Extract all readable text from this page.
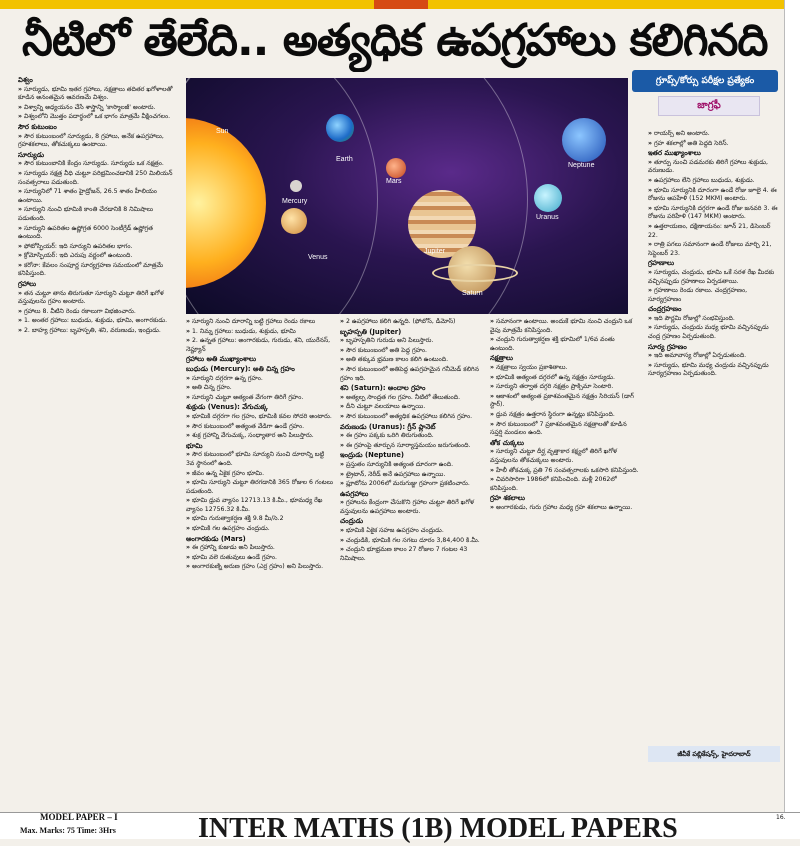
నీటిలో తేలేది.. అత్యధిక ఉపగ్రహాలు కలిగినది

విశ్వం

» సూర్యుడు, భూమి ఇతర గ్రహాలు, నక్షత్రాలు తదితర ఖగోళాలతో కూడిన అనంతమైన ఆవరణమే విశ్వం.

» విశ్వాన్ని అధ్యయనం చేసే శాస్త్రాన్ని 'కాస్మాలజీ' అంటారు.

» విశ్వంలోని మొత్తం పదార్థంలో ఒక భాగం మాత్రమే వీక్షించగలం.

సౌర కుటుంబం

» సౌర కుటుంబంలో సూర్యుడు, 8 గ్రహాలు, అనేక ఉపగ్రహాలు, గ్రహశకలాలు, తోకచుక్కలు ఉంటాయి.

సూర్యుడు

» సౌర కుటుంబానికి కేంద్రం సూర్యుడు. సూర్యుడు ఒక నక్షత్రం.

» సూర్యుడు నక్షత్ర వీధి చుట్టూ పరిభ్రమించడానికి 250 మిలియన్ సంవత్సరాలు పడుతుంది.

» సూర్యునిలో 71 శాతం హైడ్రోజన్, 26.5 శాతం హీలియం ఉంటాయి.

» సూర్యుని నుంచి భూమికి కాంతి చేరడానికి 8 నిమిషాలు పడుతుంది.

» సూర్యుని ఉపరితల ఉష్ణోగ్రత 6000 సెంటీగ్రేడ్ ఉష్ణోగ్రత ఉంటుంది.

» ఫోటోస్ఫియర్: ఇది సూర్యుని ఉపరితల భాగం.

» క్రోమోస్ఫియర్: ఇది ఎరుపు వర్ణంలో ఉంటుంది.

» కరోనా: కేవలం సంపూర్ణ సూర్యగ్రహణ సమయంలో మాత్రమే కనిపిస్తుంది.

గ్రహాలు

» తన చుట్టూ తాను తిరుగుతూ సూర్యుని చుట్టూ తిరిగే ఖగోళ వస్తువులను గ్రహం అంటారు.

» గ్రహాలు 8. వీటిని రెండు రకాలుగా విభజించారు.

» 1. అంతర గ్రహాలు: బుధుడు, శుక్రుడు, భూమి, అంగారకుడు.

» 2. బాహ్య గ్రహాలు: బృహస్పతి, శని, వరుణుడు, ఇంద్రుడు.

Sun
Mercury
Venus
Earth
Mars
Jupiter
Saturn
Uranus
Neptune
గ్రూప్స్/కోర్సు పరీక్షల ప్రత్యేకం
జాగ్రఫీ

» సూర్యుని నుంచి దూరాన్ని బట్టి గ్రహాలు రెండు రకాలు

» 1. నిమ్న గ్రహాలు: బుధుడు, శుక్రుడు, భూమి

» 2. ఉన్నత గ్రహాలు: అంగారకుడు, గురుడు, శని, యురేనస్, నెప్ట్యూన్

గ్రహాలు అతి ముఖ్యాంశాలు

బుధుడు (Mercury): అతి చిన్న గ్రహం

» సూర్యుని దగ్గరగా ఉన్న గ్రహం.

» అతి చిన్న గ్రహం.

» సూర్యుని చుట్టూ అత్యంత వేగంగా తిరిగే గ్రహం.

శుక్రుడు (Venus): వేగుచుక్క

» భూమికి దగ్గరగా గల గ్రహం, భూమికి కవల సోదరి అంటారు.

» సౌర కుటుంబంలో అత్యంత వేడిగా ఉండే గ్రహం.

» శుక్ర గ్రహాన్ని వేగుచుక్క, సంధ్యాతార అని పిలుస్తారు.

భూమి

» సౌర కుటుంబంలో భూమి సూర్యుని నుంచి దూరాన్ని బట్టి 3వ స్థానంలో ఉంది.

» జీవం ఉన్న ఏకైక గ్రహం భూమి.

» భూమి సూర్యుని చుట్టూ తిరగడానికి 365 రోజుల 6 గంటలు పడుతుంది.

» భూమి ధ్రువ వ్యాసం 12713.13 కి.మీ., భూమధ్య రేఖ వ్యాసం 12756.32 కి.మీ.

» భూమి గురుత్వాకర్షణ శక్తి 9.8 మీ/సె.2

» భూమికి గల ఉపగ్రహం చంద్రుడు.

అంగారకుడు (Mars)

» ఈ గ్రహాన్ని కుజుడు అని పిలుస్తారు.

» భూమి వలె రుతువులు ఉండే గ్రహం.

» అంగారకుణ్ని అరుణ గ్రహం (ఎర్ర గ్రహం) అని పిలుస్తారు.

» 2 ఉపగ్రహాలు కలిగి ఉన్నది. (ఫోబోస్, డీమోస్)

బృహస్పతి (Jupiter)

» బృహస్పతిని గురుడు అని పిలుస్తారు.

» సౌర కుటుంబంలో అతి పెద్ద గ్రహం.

» అతి తక్కువ భ్రమణ కాలం కలిగి ఉంటుంది.

» సౌర కుటుంబంలో అతిపెద్ద ఉపగ్రహమైన గనీమెడ్ కలిగిన గ్రహం ఇది.

శని (Saturn): అందాల గ్రహం

» అత్యల్ప సాంద్రత గల గ్రహం. నీటిలో తేలుతుంది.

» దీని చుట్టూ వలయాలు ఉన్నాయి.

» సౌర కుటుంబంలో అత్యధిక ఉపగ్రహాలు కలిగిన గ్రహం.

వరుణుడు (Uranus): గ్రీన్ ప్లానెట్

» ఈ గ్రహం పక్కకు ఒరిగి తిరుగుతుంది.

» ఈ గ్రహంపై తూర్పున సూర్యాస్తమయం జరుగుతుంది.

ఇంద్రుడు (Neptune)

» ప్రస్తుతం సూర్యునికి అత్యంత దూరంగా ఉంది.

» ట్రైటాన్, నెరీడ్ అనే ఉపగ్రహాలు ఉన్నాయి.

» ప్లూటోను 2006లో మరుగుజ్జు గ్రహంగా ప్రకటించారు.

ఉపగ్రహాలు

» గ్రహాలను కేంద్రంగా చేసుకొని గ్రహాల చుట్టూ తిరిగే ఖగోళ వస్తువులను ఉపగ్రహాలు అంటారు.

చంద్రుడు

» భూమికి ఏకైక సహజ ఉపగ్రహం చంద్రుడు.

» చంద్రుడికి, భూమికి గల సగటు దూరం 3,84,400 కి.మీ.

» చంద్రుని భూభ్రమణ కాలం 27 రోజుల 7 గంటల 43 నిమిషాలు.

» సమానంగా ఉంటాయి. అందుకే భూమి నుంచి చంద్రుని ఒక వైపు మాత్రమే కనిపిస్తుంది.

» చంద్రుని గురుత్వాకర్షణ శక్తి భూమిలో 1/6వ వంతు ఉంటుంది.

నక్షత్రాలు

» నక్షత్రాలు స్వయం ప్రకాశితాలు.

» భూమికి అత్యంత దగ్గరలో ఉన్న నక్షత్రం సూర్యుడు.

» సూర్యుని తర్వాత దగ్గరి నక్షత్రం ప్రాక్సిమా సెంటారి.

» ఆకాశంలో అత్యంత ప్రకాశవంతమైన నక్షత్రం సిరియస్ (డాగ్ స్టార్).

» ధ్రువ నక్షత్రం ఉత్తరాన స్థిరంగా ఉన్నట్లు కనిపిస్తుంది.

» సౌర కుటుంబంలో 7 ప్రకాశవంతమైన నక్షత్రాలతో కూడిన సప్తర్షి మండలం ఉంది.

తోక చుక్కలు

» సూర్యుని చుట్టూ దీర్ఘ వృత్తాకార కక్ష్యలో తిరిగే ఖగోళ వస్తువులను తోకచుక్కలు అంటారు.

» హేలీ తోకచుక్క ప్రతి 76 సంవత్సరాలకు ఒకసారి కనిపిస్తుంది.

» చివరిసారిగా 1986లో కనిపించింది. మళ్లీ 2062లో కనిపిస్తుంది.

గ్రహ శకలాలు

» అంగారకుడు, గురు గ్రహాల మధ్య గ్రహ శకలాలు ఉన్నాయి.

» రాయర్స్ అని అంటారు.

» గ్రహ శకలాల్లో అతి పెద్దది సెరిస్.

ఇతర ముఖ్యాంశాలు

» తూర్పు నుంచి పడమరకు తిరిగే గ్రహాలు శుక్రుడు, వరుణుడు.

» ఉపగ్రహాలు లేని గ్రహాలు బుధుడు, శుక్రుడు.

» భూమి సూర్యునికి దూరంగా ఉండే రోజు జూలై 4. ఈ రోజును అపహేళి (152 MKM) అంటారు.

» భూమి సూర్యునికి దగ్గరగా ఉండే రోజు జనవరి 3. ఈ రోజును పరిహేళి (147 MKM) అంటారు.

» ఉత్తరాయణం, దక్షిణాయనం: జూన్ 21, డిసెంబర్ 22.

» రాత్రి పగలు సమానంగా ఉండే రోజులు మార్చి 21, సెప్టెంబర్ 23.

గ్రహణాలు

» సూర్యుడు, చంద్రుడు, భూమి ఒకే సరళ రేఖ మీదకు వచ్చినప్పుడు గ్రహణాలు ఏర్పడతాయి.

» గ్రహణాలు రెండు రకాలు. చంద్రగ్రహణం, సూర్యగ్రహణం

చంద్రగ్రహణం

» ఇది పౌర్ణమి రోజుల్లో సంభవిస్తుంది.

» సూర్యుడు, చంద్రుడు మధ్య భూమి వచ్చినప్పుడు చంద్ర గ్రహణం ఏర్పడుతుంది.

సూర్య గ్రహణం

» ఇది అమావాస్య రోజుల్లో ఏర్పడుతుంది.

» సూర్యుడు, భూమి మధ్య చంద్రుడు వచ్చినప్పుడు సూర్యగ్రహణం ఏర్పడుతుంది.

జీవీకే పబ్లికేషన్స్, హైదరాబాద్
MODEL PAPER – I
Max. Marks: 75 Time: 3Hrs	INTER MATHS (1B) MODEL PAPERS	16.
